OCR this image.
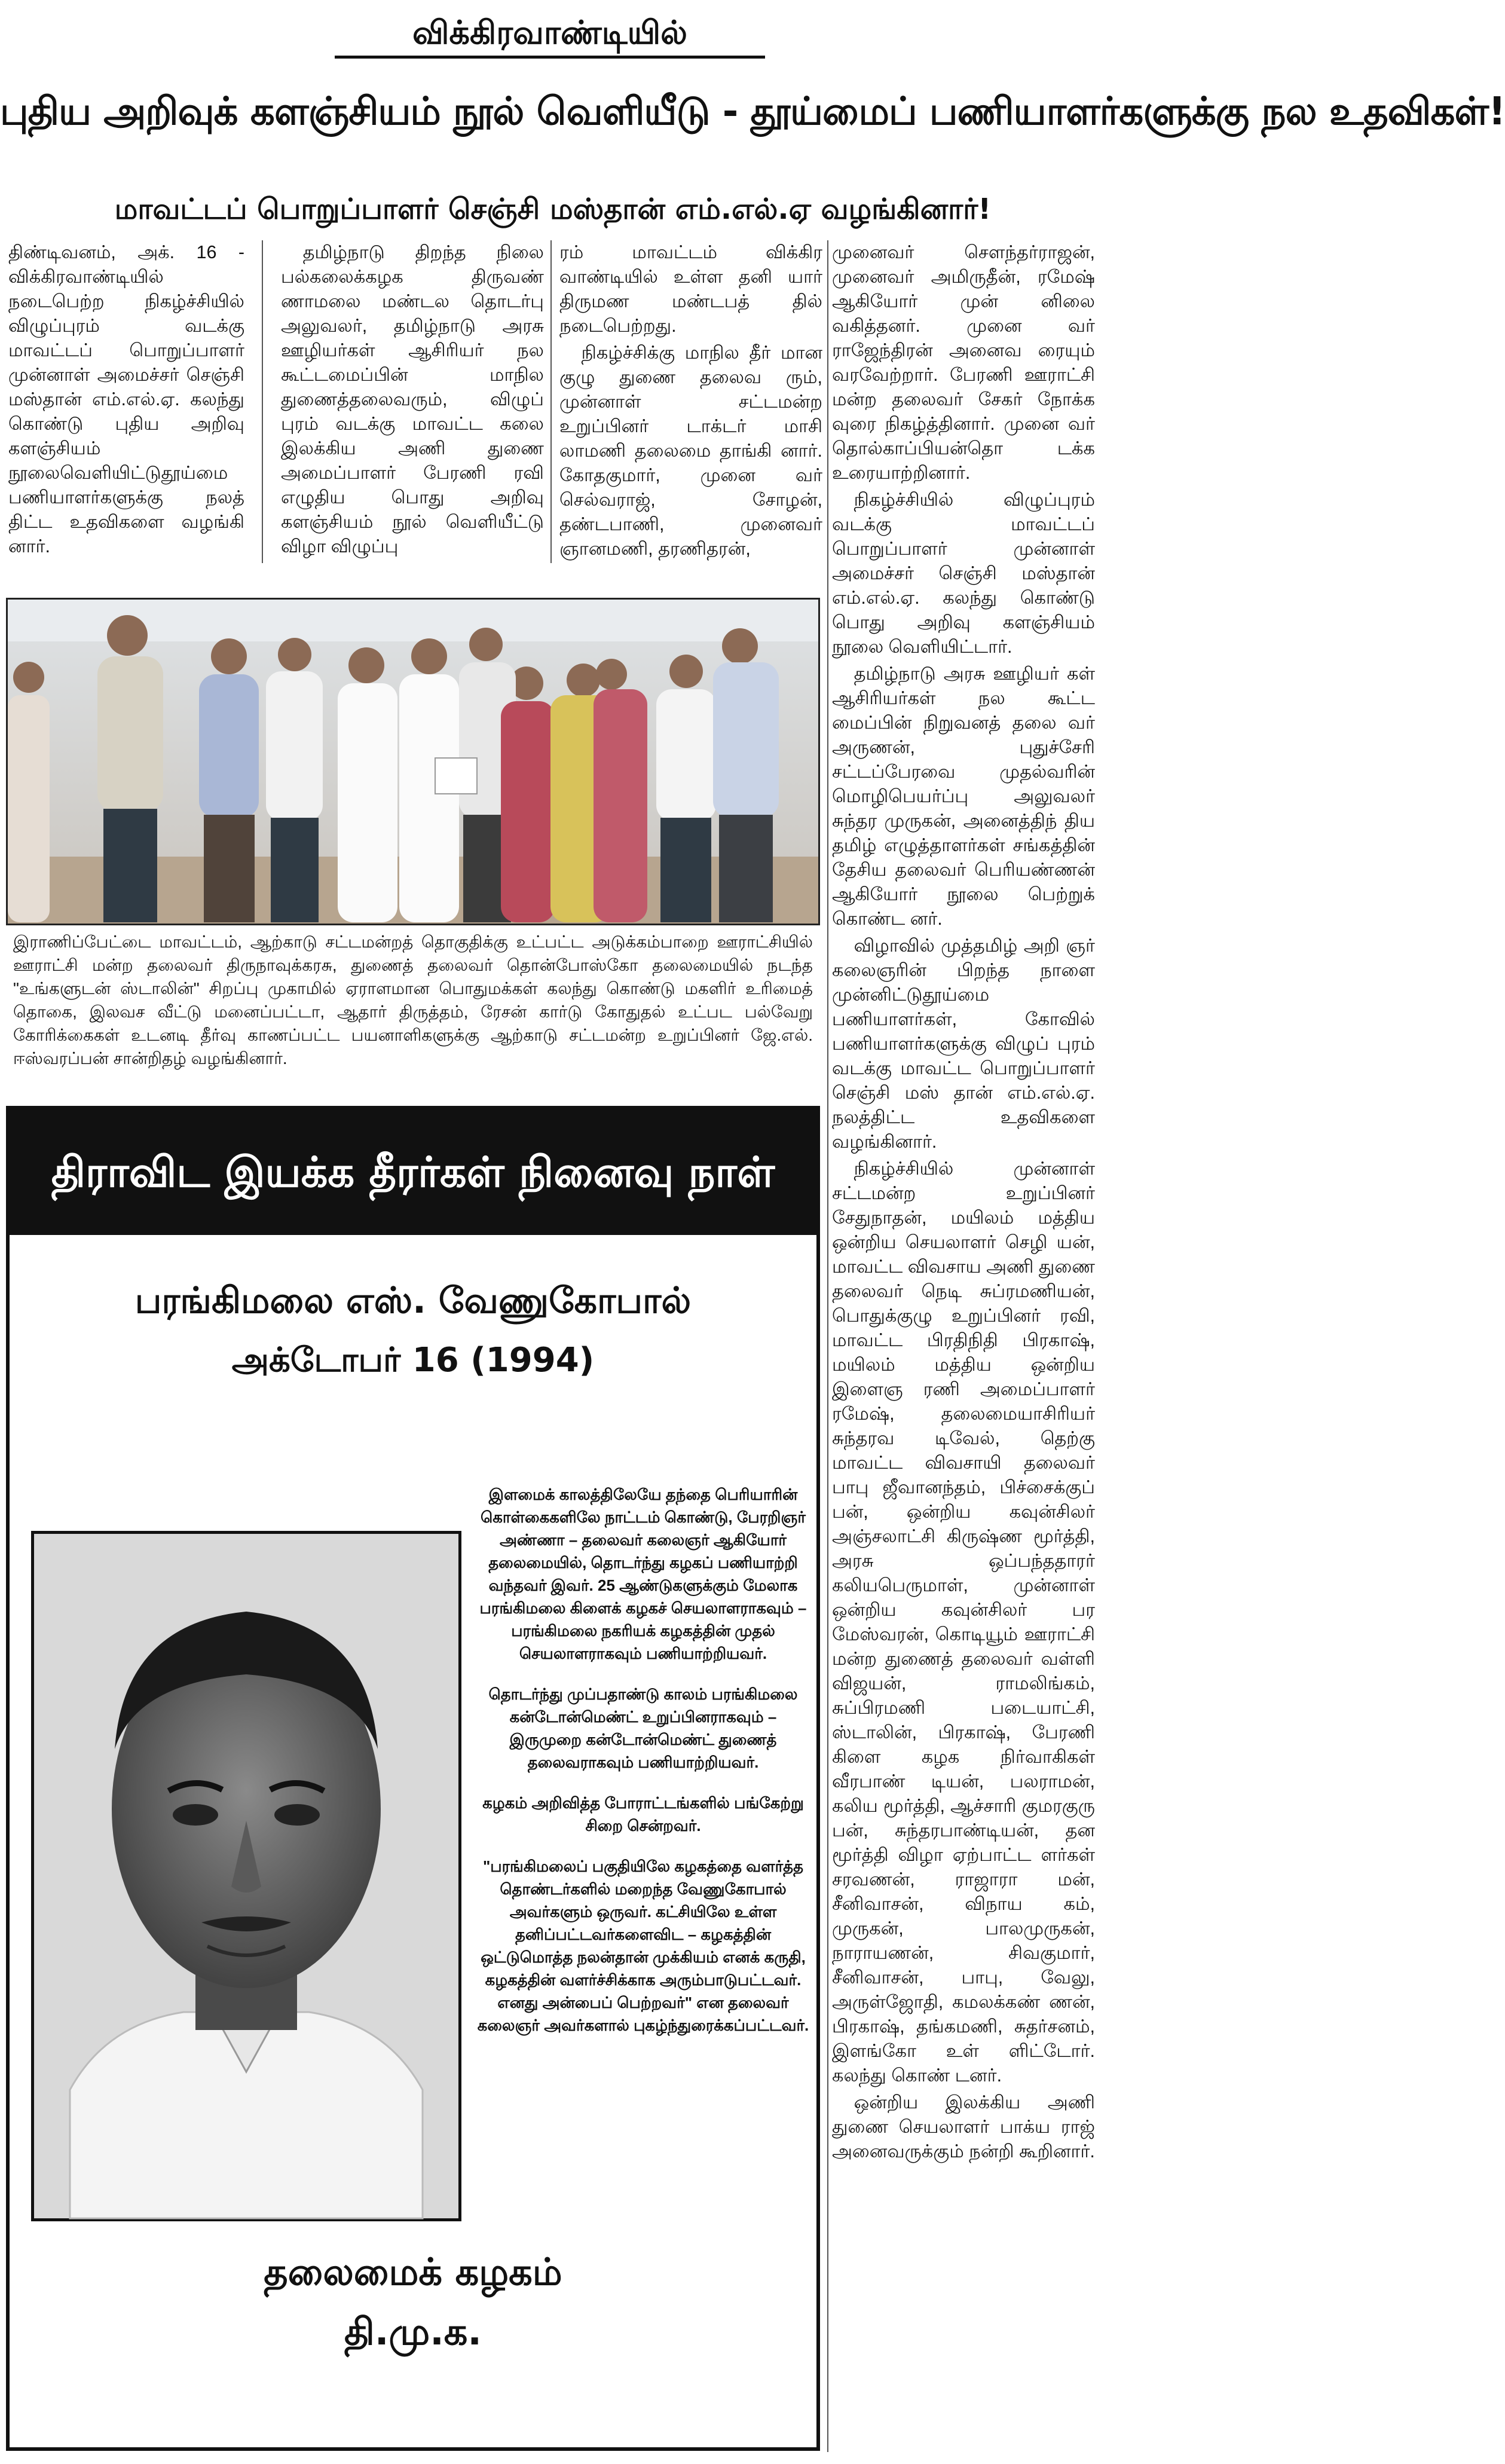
விக்கிரவாண்டியில்
புதிய அறிவுக் களஞ்சியம் நூல் வெளியீடு - தூய்மைப் பணியாளர்களுக்கு நல உதவிகள்!
மாவட்டப் பொறுப்பாளர் செஞ்சி மஸ்தான் எம்.எல்.ஏ வழங்கினார்!

திண்டிவனம், அக். 16 - விக்கிரவாண்டியில் நடைபெற்ற நிகழ்ச்சியில் விழுப்புரம் வடக்கு மாவட்டப் பொறுப்பாளர் முன்னாள் அமைச்சர் செஞ்சி மஸ்தான் எம்.எல்.ஏ. கலந்து கொண்டு புதிய அறிவு களஞ்சியம் நூலைவெளியிட்டுதூய்மை பணியாளர்களுக்கு நலத் திட்ட உதவிகளை வழங்கி னார்.

தமிழ்நாடு திறந்த நிலை பல்கலைக்கழக திருவண் ணாமலை மண்டல தொடர்பு அலுவலர், தமிழ்நாடு அரசு ஊழியர்கள் ஆசிரியர் நல கூட்டமைப்பின் மாநில துணைத்தலைவரும், விழுப் புரம் வடக்கு மாவட்ட கலை இலக்கிய அணி துணை அமைப்பாளர் பேரணி ரவி எழுதிய பொது அறிவு களஞ்சியம் நூல் வெளியீட்டு விழா விழுப்பு

ரம் மாவட்டம் விக்கிர வாண்டியில் உள்ள தனி யார் திருமண மண்டபத் தில் நடைபெற்றது.

நிகழ்ச்சிக்கு மாநில தீர் மான குழு துணை தலைவ ரும், முன்னாள் சட்டமன்ற உறுப்பினர் டாக்டர் மாசி லாமணி தலைமை தாங்கி னார். கோதகுமார், முனை வர் செல்வராஜ், சோழன், தண்டபாணி, முனைவர் ஞானமணி, தரணிதரன்,

முனைவர் சௌந்தர்ராஜன், முனைவர் அமிருதீன், ரமேஷ் ஆகியோர் முன் னிலை வகித்தனர். முனை வர் ராஜேந்திரன் அனைவ ரையும் வரவேற்றார். பேரணி ஊராட்சி மன்ற தலைவர் சேகர் நோக்க வுரை நிகழ்த்தினார். முனை வர் தொல்காப்பியன்தொ டக்க உரையாற்றினார்.

நிகழ்ச்சியில் விழுப்புரம் வடக்கு மாவட்டப் பொறுப்பாளர் முன்னாள் அமைச்சர் செஞ்சி மஸ்தான் எம்.எல்.ஏ. கலந்து கொண்டு பொது அறிவு களஞ்சியம் நூலை வெளியிட்டார்.

தமிழ்நாடு அரசு ஊழியர் கள் ஆசிரியர்கள் நல கூட்ட மைப்பின் நிறுவனத் தலை வர் அருணன், புதுச்சேரி சட்டப்பேரவை முதல்வரின் மொழிபெயர்ப்பு அலுவலர் சுந்தர முருகன், அனைத்திந் திய தமிழ் எழுத்தாளர்கள் சங்கத்தின் தேசிய தலைவர் பெரியண்ணன் ஆகியோர் நூலை பெற்றுக் கொண்ட னர்.

விழாவில் முத்தமிழ் அறி ஞர் கலைஞரின் பிறந்த நாளை முன்னிட்டுதூய்மை பணியாளர்கள், கோவில் பணியாளர்களுக்கு விழுப் புரம் வடக்கு மாவட்ட பொறுப்பாளர் செஞ்சி மஸ் தான் எம்.எல்.ஏ. நலத்திட்ட உதவிகளை வழங்கினார்.

நிகழ்ச்சியில் முன்னாள் சட்டமன்ற உறுப்பினர் சேதுநாதன், மயிலம் மத்திய ஒன்றிய செயலாளர் செழி யன், மாவட்ட விவசாய அணி துணை தலைவர் நெடி சுப்ரமணியன், பொதுக்குழு உறுப்பினர் ரவி, மாவட்ட பிரதிநிதி பிரகாஷ், மயிலம் மத்திய ஒன்றிய இளைஞ ரணி அமைப்பாளர் ரமேஷ், தலைமையாசிரியர் சுந்தரவ டிவேல், தெற்கு மாவட்ட விவசாயி தலைவர் பாபு ஜீவானந்தம், பிச்சைக்குப் பன், ஒன்றிய கவுன்சிலர் அஞ்சலாட்சி கிருஷ்ண மூர்த்தி, அரசு ஒப்பந்ததாரர் கலியபெருமாள், முன்னாள் ஒன்றிய கவுன்சிலர் பர மேஸ்வரன், கொடியூம் ஊராட்சி மன்ற துணைத் தலைவர் வள்ளி விஜயன், ராமலிங்கம், சுப்பிரமணி படையாட்சி, ஸ்டாலின், பிரகாஷ், பேரணி கிளை கழக நிர்வாகிகள் வீரபாண் டியன், பலராமன், கலிய மூர்த்தி, ஆச்சாரி குமரகுரு பன், சுந்தரபாண்டியன், தன மூர்த்தி விழா ஏற்பாட்ட ளர்கள் சரவணன், ராஜாரா மன், சீனிவாசன், விநாய கம், முருகன், பாலமுருகன், நாராயணன், சிவகுமார், சீனிவாசன், பாபு, வேலு, அருள்ஜோதி, கமலக்கண் ணன், பிரகாஷ், தங்கமணி, சுதர்சனம், இளங்கோ உள் ளிட்டோர். கலந்து கொண் டனர்.

ஒன்றிய இலக்கிய அணி துணை செயலாளர் பாக்ய ராஜ் அனைவருக்கும் நன்றி கூறினார்.

இராணிப்பேட்டை மாவட்டம், ஆற்காடு சட்டமன்றத் தொகுதிக்கு உட்பட்ட அடுக்கம்பாறை ஊராட்சியில் ஊராட்சி மன்ற தலைவர் திருநாவுக்கரசு, துணைத் தலைவர் தொன்போஸ்கோ தலைமையில் நடந்த "உங்களுடன் ஸ்டாலின்" சிறப்பு முகாமில் ஏராளமான பொதுமக்கள் கலந்து கொண்டு மகளிர் உரிமைத் தொகை, இலவச வீட்டு மனைப்பட்டா, ஆதார் திருத்தம், ரேசன் கார்டு கோதுதல் உட்பட பல்வேறு கோரிக்கைகள் உடனடி தீர்வு காணப்பட்ட பயனாளிகளுக்கு ஆற்காடு சட்டமன்ற உறுப்பினர் ஜே.எல். ஈஸ்வரப்பன் சான்றிதழ் வழங்கினார்.
திராவிட இயக்க தீரர்கள் நினைவு நாள்
பரங்கிமலை எஸ். வேணுகோபால்
அக்டோபர் 16 (1994)

இளமைக் காலத்திலேயே தந்தை பெரியாரின் கொள்கைகளிலே நாட்டம் கொண்டு, பேரறிஞர் அண்ணா – தலைவர் கலைஞர் ஆகியோர் தலைமையில், தொடர்ந்து கழகப் பணியாற்றி வந்தவர் இவர். 25 ஆண்டுகளுக்கும் மேலாக பரங்கிமலை கிளைக் கழகச் செயலாளராகவும் – பரங்கிமலை நகரியக் கழகத்தின் முதல் செயலாளராகவும் பணியாற்றியவர்.

தொடர்ந்து முப்பதாண்டு காலம் பரங்கிமலை கன்டோன்மெண்ட் உறுப்பினராகவும் – இருமுறை கன்டோன்மெண்ட் துணைத் தலைவராகவும் பணியாற்றியவர்.

கழகம் அறிவித்த போராட்டங்களில் பங்கேற்று சிறை சென்றவர்.

"பரங்கிமலைப் பகுதியிலே கழகத்தை வளர்த்த தொண்டர்களில் மறைந்த வேணுகோபால் அவர்களும் ஒருவர். கட்சியிலே உள்ள தனிப்பட்டவர்களைவிட – கழகத்தின் ஒட்டுமொத்த நலன்தான் முக்கியம் எனக் கருதி, கழகத்தின் வளர்ச்சிக்காக அரும்பாடுபட்டவர். எனது அன்பைப் பெற்றவர்" என தலைவர் கலைஞர் அவர்களால் புகழ்ந்துரைக்கப்பட்டவர்.

தலைமைக் கழகம்
தி.மு.க.
